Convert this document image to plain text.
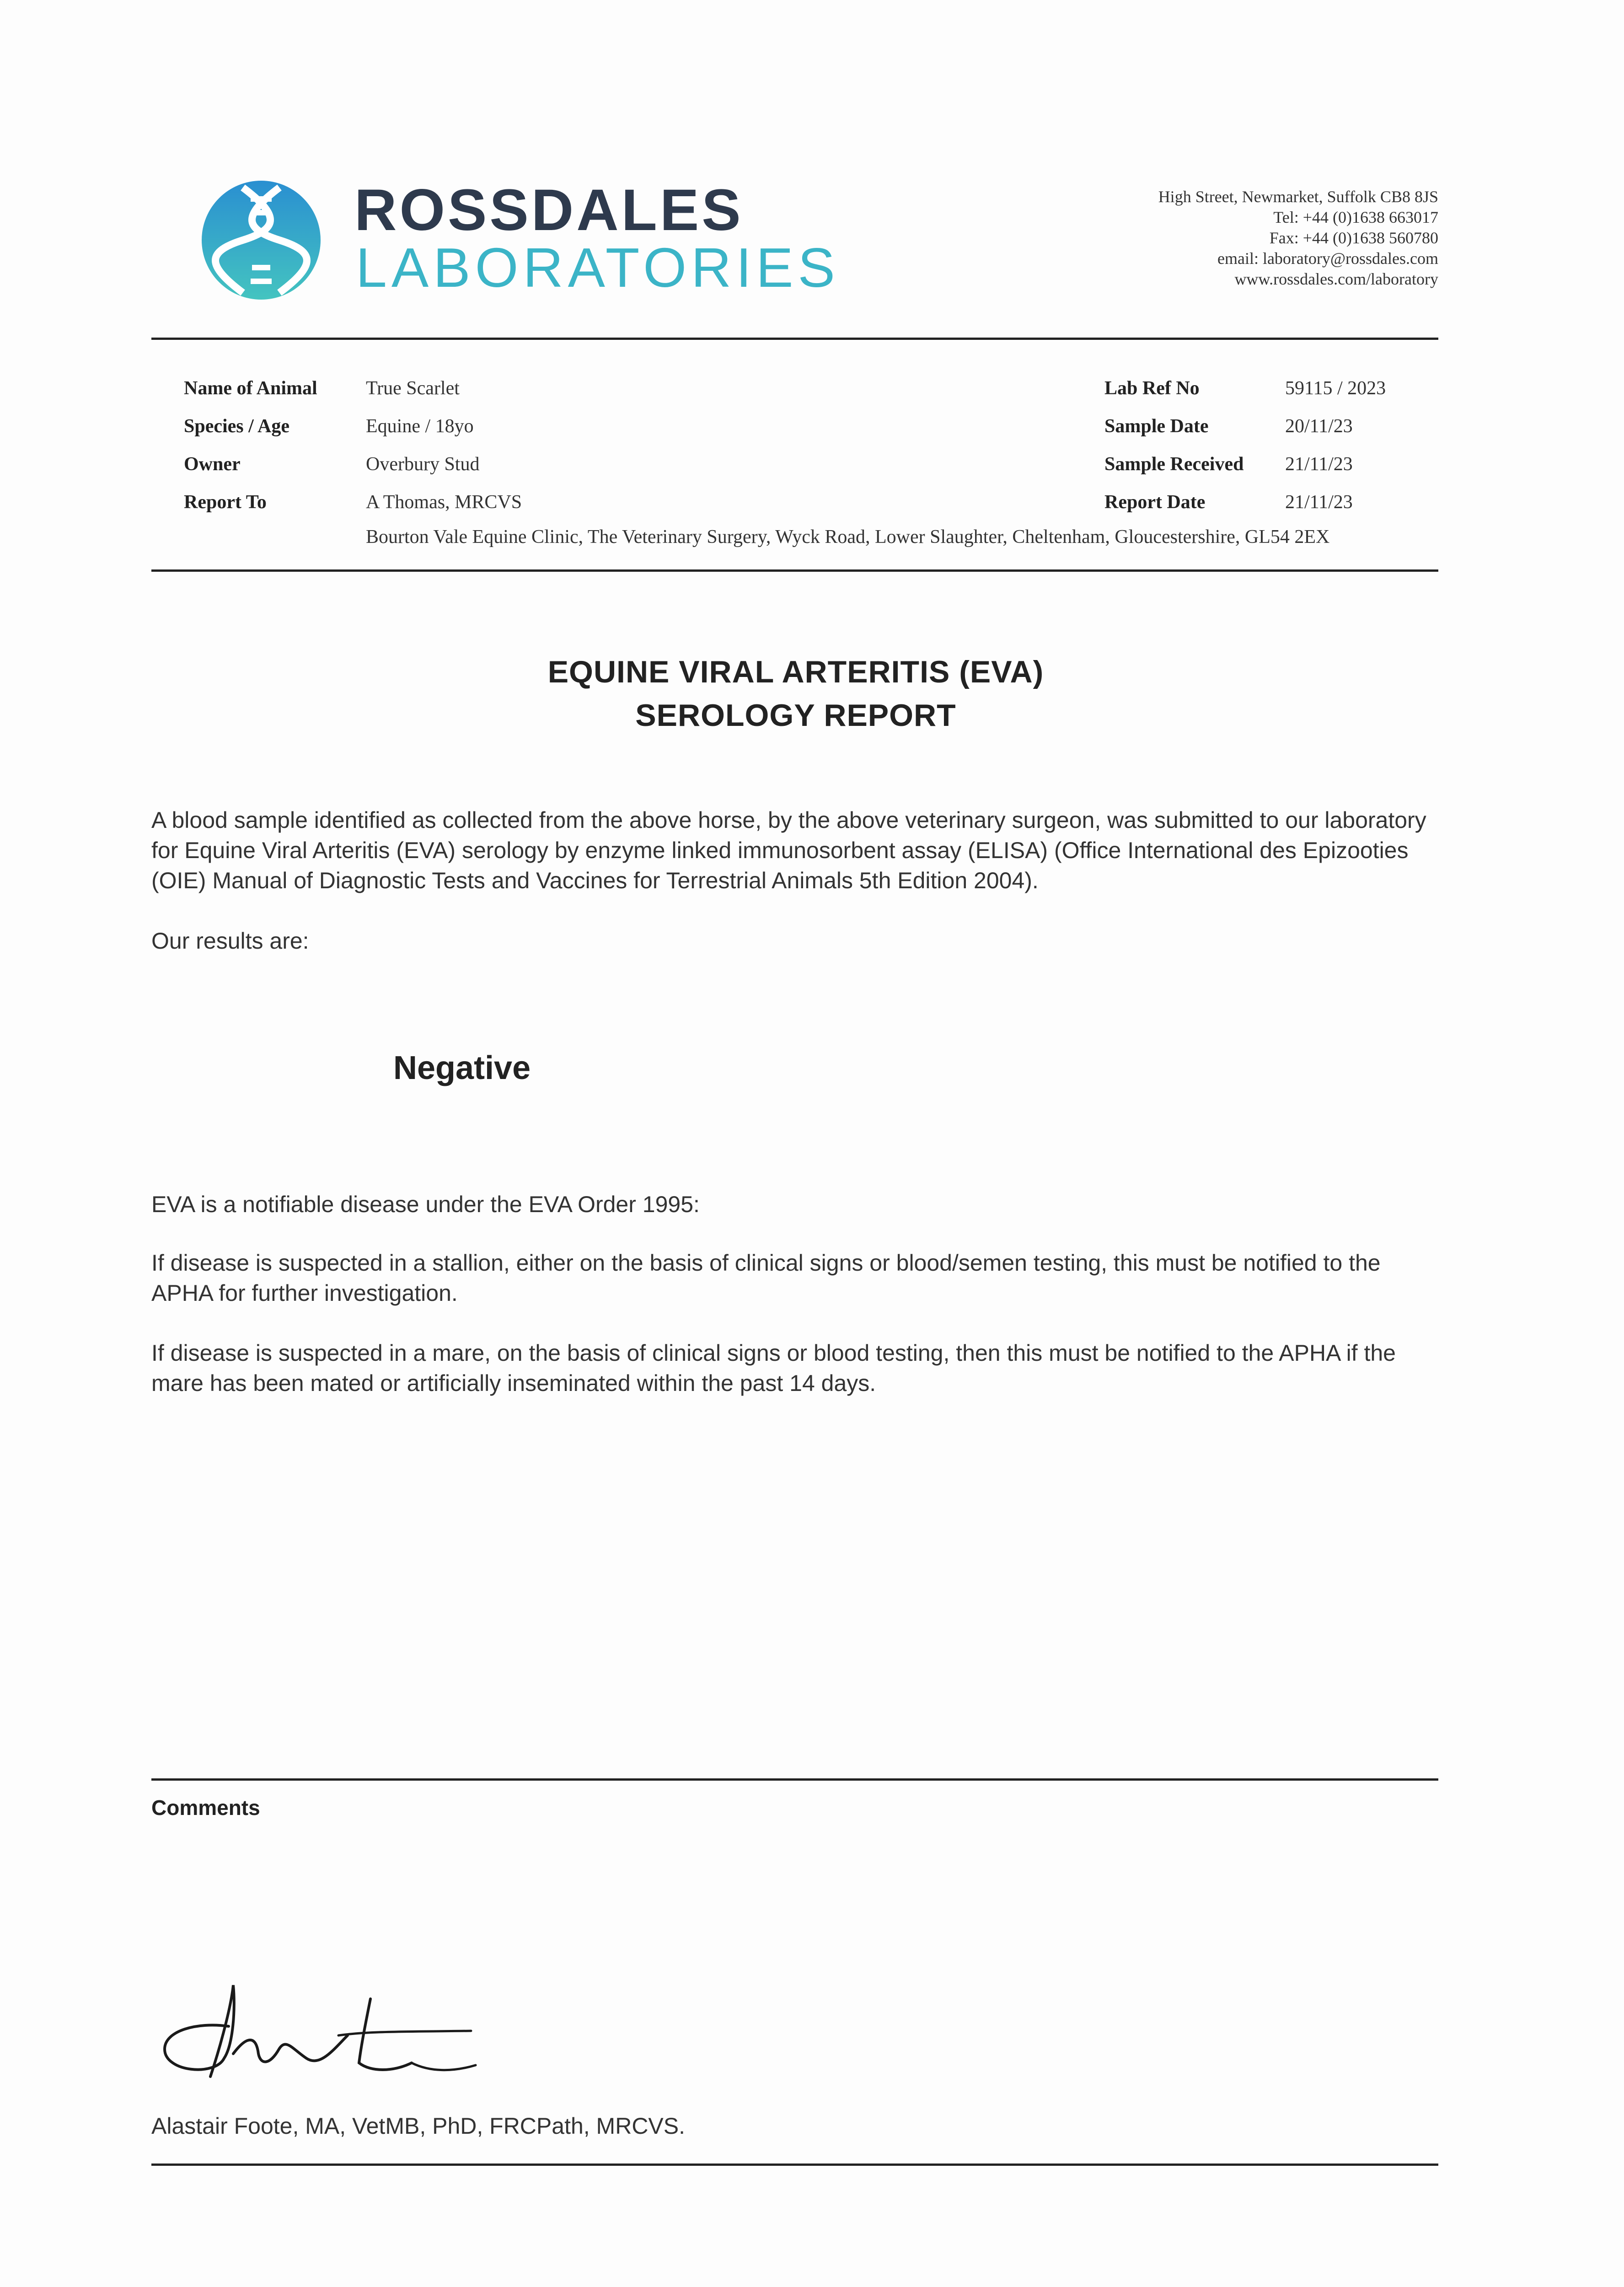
ROSSDALES
LABORATORIES
High Street, Newmarket, Suffolk CB8 8JS
Tel: +44 (0)1638 663017
Fax: +44 (0)1638 560780
email: laboratory@rossdales.com
www.rossdales.com/laboratory
Name of Animal	True Scarlet
Species / Age	Equine / 18yo
Owner	Overbury Stud
Report To	A Thomas, MRCVS
Bourton Vale Equine Clinic, The Veterinary Surgery, Wyck Road, Lower Slaughter, Cheltenham, Gloucestershire, GL54 2EX
Lab Ref No	59115 / 2023
Sample Date	20/11/23
Sample Received 21/11/23
Report Date	21/11/23
EQUINE VIRAL ARTERITIS (EVA)
SEROLOGY REPORT
A blood sample identified as collected from the above horse, by the above veterinary surgeon, was submitted to our laboratory for Equine Viral Arteritis (EVA) serology by enzyme linked immunosorbent assay (ELISA) (Office International des Epizooties (OIE) Manual of Diagnostic Tests and Vaccines for Terrestrial Animals 5th Edition 2004).
Our results are:
Negative
EVA is a notifiable disease under the EVA Order 1995:
If disease is suspected in a stallion, either on the basis of clinical signs or blood/semen testing, this must be notified to the APHA for further investigation.
If disease is suspected in a mare, on the basis of clinical signs or blood testing, then this must be notified to the APHA if the mare has been mated or artificially inseminated within the past 14 days.
Comments
Alastair Foote, MA, VetMB, PhD, FRCPath, MRCVS.
